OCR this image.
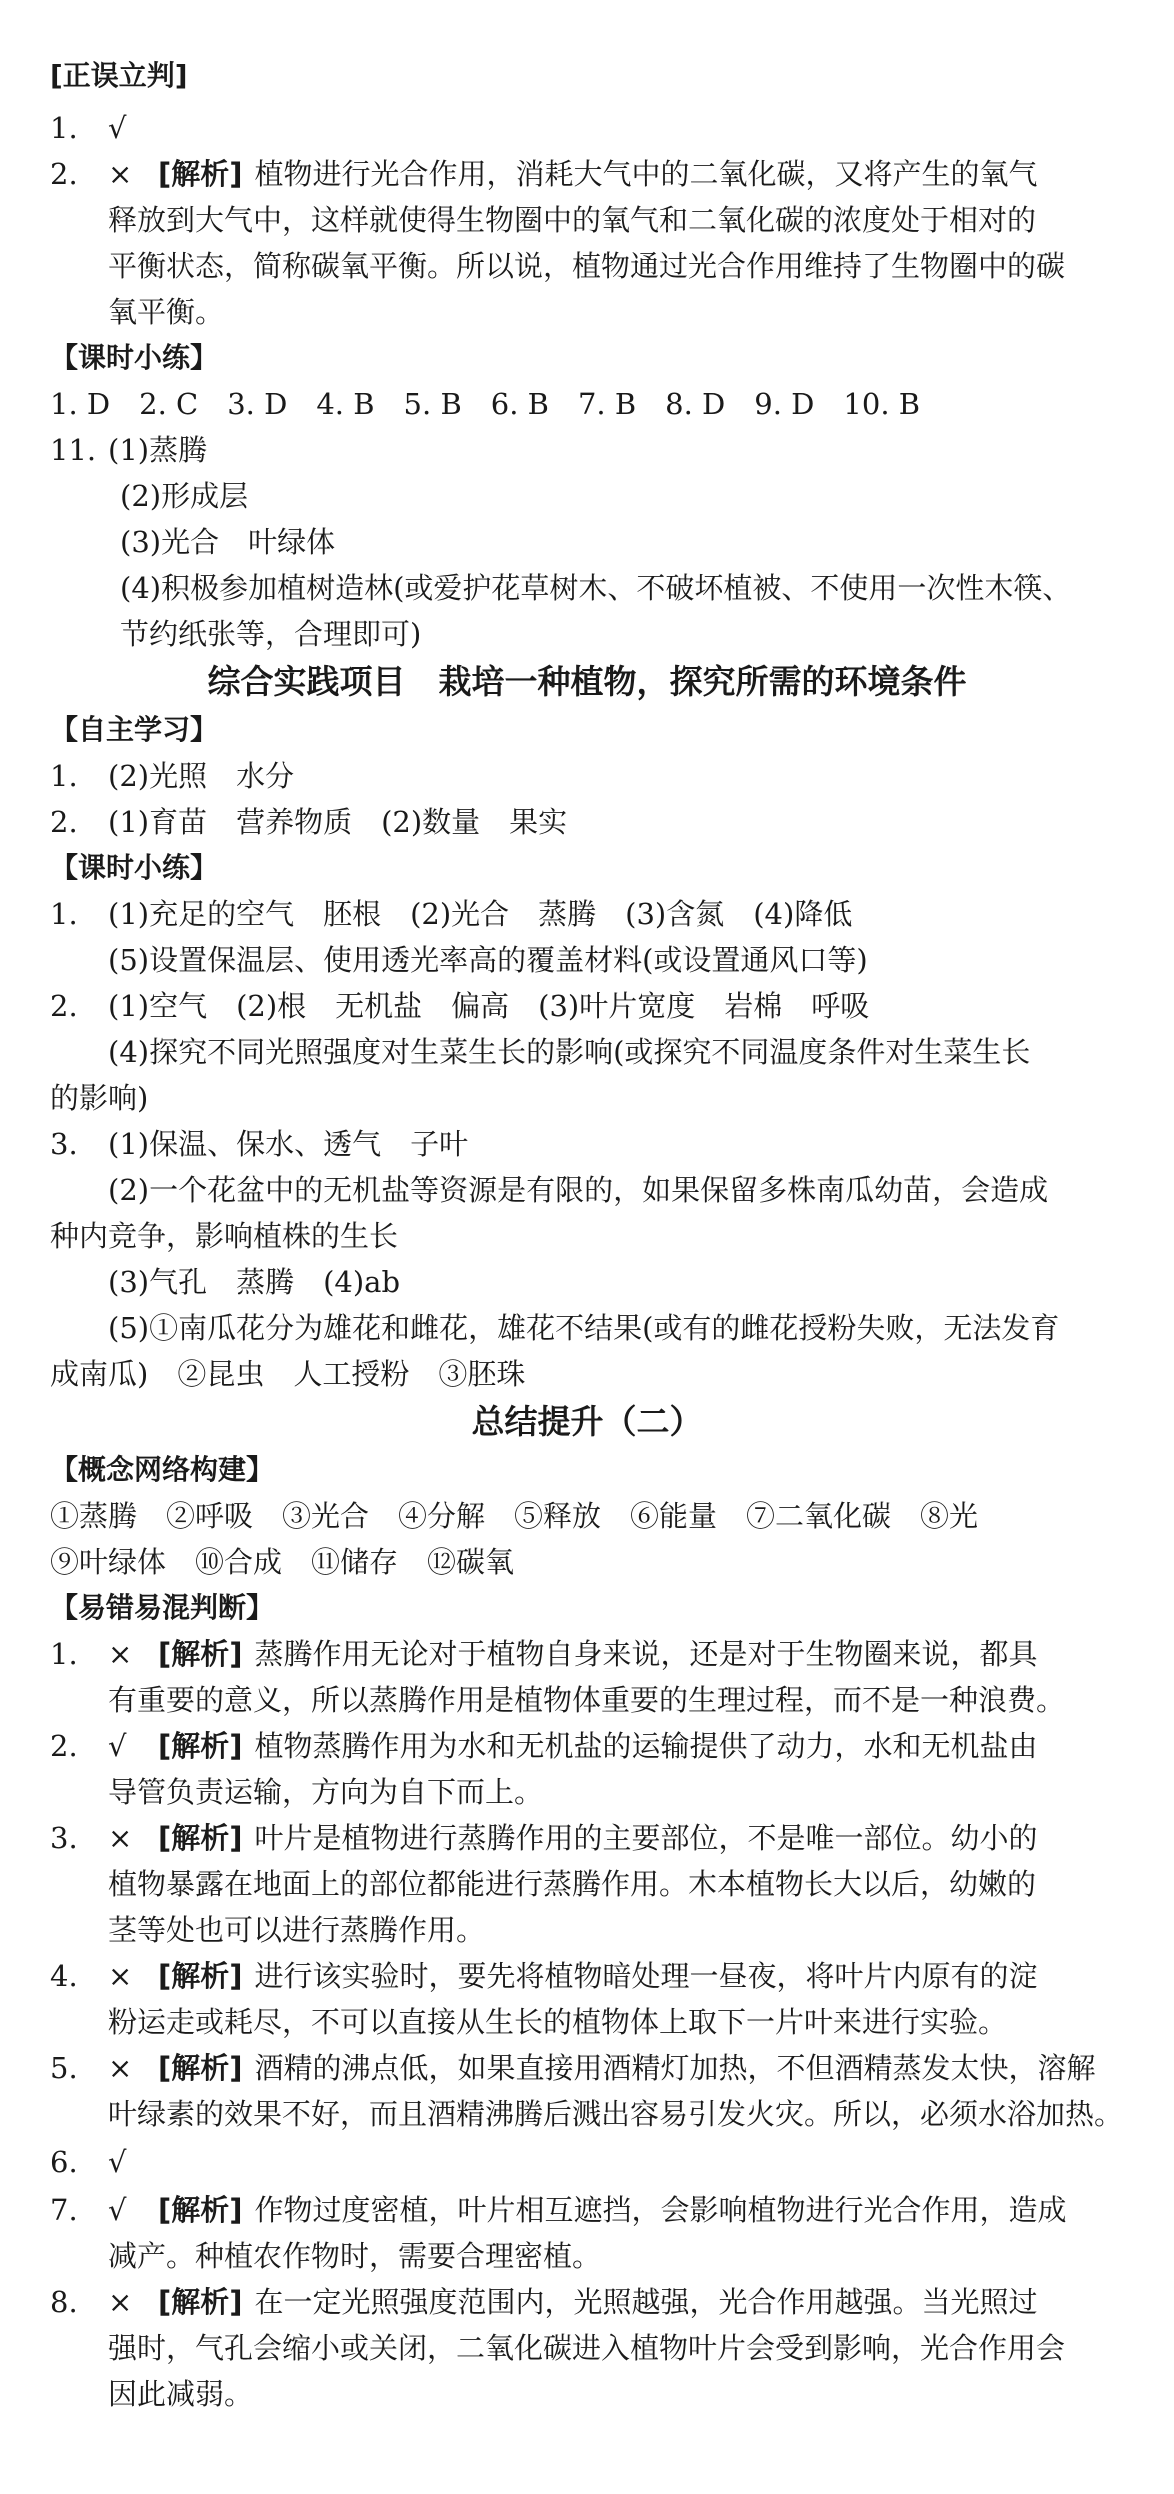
[正误立判]
1. √
2. × [解析] 植物进行光合作用，消耗大气中的二氧化碳，又将产生的氧气
释放到大气中，这样就使得生物圈中的氧气和二氧化碳的浓度处于相对的
平衡状态，简称碳氧平衡。所以说，植物通过光合作用维持了生物圈中的碳
氧平衡。
【课时小练】
1. D　2. C　3. D　4. B　5. B　6. B　7. B　8. D　9. D　10. B
11. (1)蒸腾
(2)形成层
(3)光合　叶绿体
(4)积极参加植树造林(或爱护花草树木、不破坏植被、不使用一次性木筷、
节约纸张等，合理即可)
综合实践项目　栽培一种植物，探究所需的环境条件
【自主学习】
1. (2)光照　水分
2. (1)育苗　营养物质　(2)数量　果实
【课时小练】
1. (1)充足的空气　胚根　(2)光合　蒸腾　(3)含氮　(4)降低
(5)设置保温层、使用透光率高的覆盖材料(或设置通风口等)
2. (1)空气　(2)根　无机盐　偏高　(3)叶片宽度　岩棉　呼吸
(4)探究不同光照强度对生菜生长的影响(或探究不同温度条件对生菜生长
的影响)
3. (1)保温、保水、透气　子叶
(2)一个花盆中的无机盐等资源是有限的，如果保留多株南瓜幼苗，会造成
种内竞争，影响植株的生长
(3)气孔　蒸腾　(4)ab
(5)①南瓜花分为雄花和雌花，雄花不结果(或有的雌花授粉失败，无法发育
成南瓜)　②昆虫　人工授粉　③胚珠
总结提升（二）
【概念网络构建】
①蒸腾　②呼吸　③光合　④分解　⑤释放　⑥能量　⑦二氧化碳　⑧光
⑨叶绿体　⑩合成　⑪储存　⑫碳氧
【易错易混判断】
1. × [解析] 蒸腾作用无论对于植物自身来说，还是对于生物圈来说，都具
有重要的意义，所以蒸腾作用是植物体重要的生理过程，而不是一种浪费。
2. √ [解析] 植物蒸腾作用为水和无机盐的运输提供了动力，水和无机盐由
导管负责运输，方向为自下而上。
3. × [解析] 叶片是植物进行蒸腾作用的主要部位，不是唯一部位。幼小的
植物暴露在地面上的部位都能进行蒸腾作用。木本植物长大以后，幼嫩的
茎等处也可以进行蒸腾作用。
4. × [解析] 进行该实验时，要先将植物暗处理一昼夜，将叶片内原有的淀
粉运走或耗尽，不可以直接从生长的植物体上取下一片叶来进行实验。
5. × [解析] 酒精的沸点低，如果直接用酒精灯加热，不但酒精蒸发太快，溶解
叶绿素的效果不好，而且酒精沸腾后溅出容易引发火灾。所以，必须水浴加热。
6. √
7. √ [解析] 作物过度密植，叶片相互遮挡，会影响植物进行光合作用，造成
减产。种植农作物时，需要合理密植。
8. × [解析] 在一定光照强度范围内，光照越强，光合作用越强。当光照过
强时，气孔会缩小或关闭，二氧化碳进入植物叶片会受到影响，光合作用会
因此减弱。
